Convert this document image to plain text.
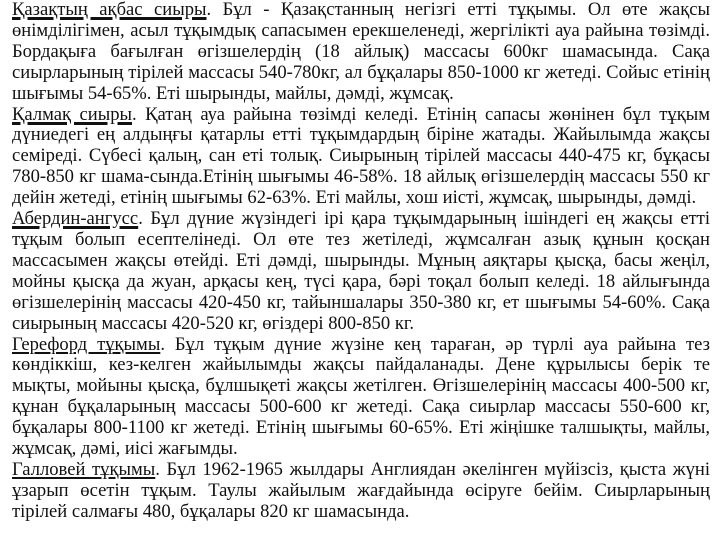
Қазақтың ақбас сиыры. Бұл - Қазақстанның негізгі етті тұқымы. Ол өте жақсы өнімділігімен, асыл тұқымдық сапасымен ерекшеленеді, жергілікті ауа райына төзімді. Бордақыға бағылған өгізшелердің (18 айлық) массасы 600кг шамасында. Сақа сиырларының тірілей массасы 540-780кг, ал бұқалары 850-1000 кг жетеді. Сойыс етінің шығымы 54-65%. Еті шырынды, майлы, дәмді, жұмсақ.

Қалмақ сиыры. Қатаң ауа райына төзімді келеді. Етінің сапасы жөнінен бұл тұқым дүниедегі ең алдыңғы қатарлы етті тұқымдардың біріне жатады. Жайылымда жақсы семіреді. Сүбесі қалың, сан еті толық. Сиырының тірілей массасы 440-475 кг, бұқасы 780-850 кг шама-сында.Етінің шығымы 46-58%. 18 айлық өгізшелердің массасы 550 кг дейін жетеді, етінің шығымы 62-63%. Еті майлы, хош иісті, жұмсақ, шырынды, дәмді.

Абердин-ангусс. Бұл дүние жүзіндегі ірі қара тұқымдарының ішіндегі ең жақсы етті тұқым болып есептелінеді. Ол өте тез жетіледі, жұмсалған азық құнын қосқан массасымен жақсы өтейді. Еті дәмді, шырынды. Мұның аяқтары қысқа, басы жеңіл, мойны қысқа да жуан, арқасы кең, түсі қара, бәрі тоқал болып келеді. 18 айлығында өгізшелерінің массасы 420-450 кг, тайыншалары 350-380 кг, ет шығымы 54-60%. Сақа сиырының массасы 420-520 кг, өгіздері 800-850 кг.

Герефорд тұқымы. Бұл тұқым дүние жүзіне кең тараған, әр түрлі ауа райына тез көндіккіш, кез-келген жайылымды жақсы пайдаланады. Дене құрылысы берік те мықты, мойыны қысқа, бұлшықеті жақсы жетілген. Өгізшелерінің массасы 400-500 кг, құнан бұқаларының массасы 500-600 кг жетеді. Сақа сиырлар массасы 550-600 кг, бұқалары 800-1100 кг жетеді. Етінің шығымы 60-65%. Еті жіңішке талшықты, майлы, жұмсақ, дәмі, иісі жағымды.

Галловей тұқымы. Бұл 1962-1965 жылдары Англиядан әкелінген мүйізсіз, қыста жүні ұзарып өсетін тұқым. Таулы жайылым жағдайында өсіруге бейім. Сиырларының тірілей салмағы 480, бұқалары 820 кг шамасында.
